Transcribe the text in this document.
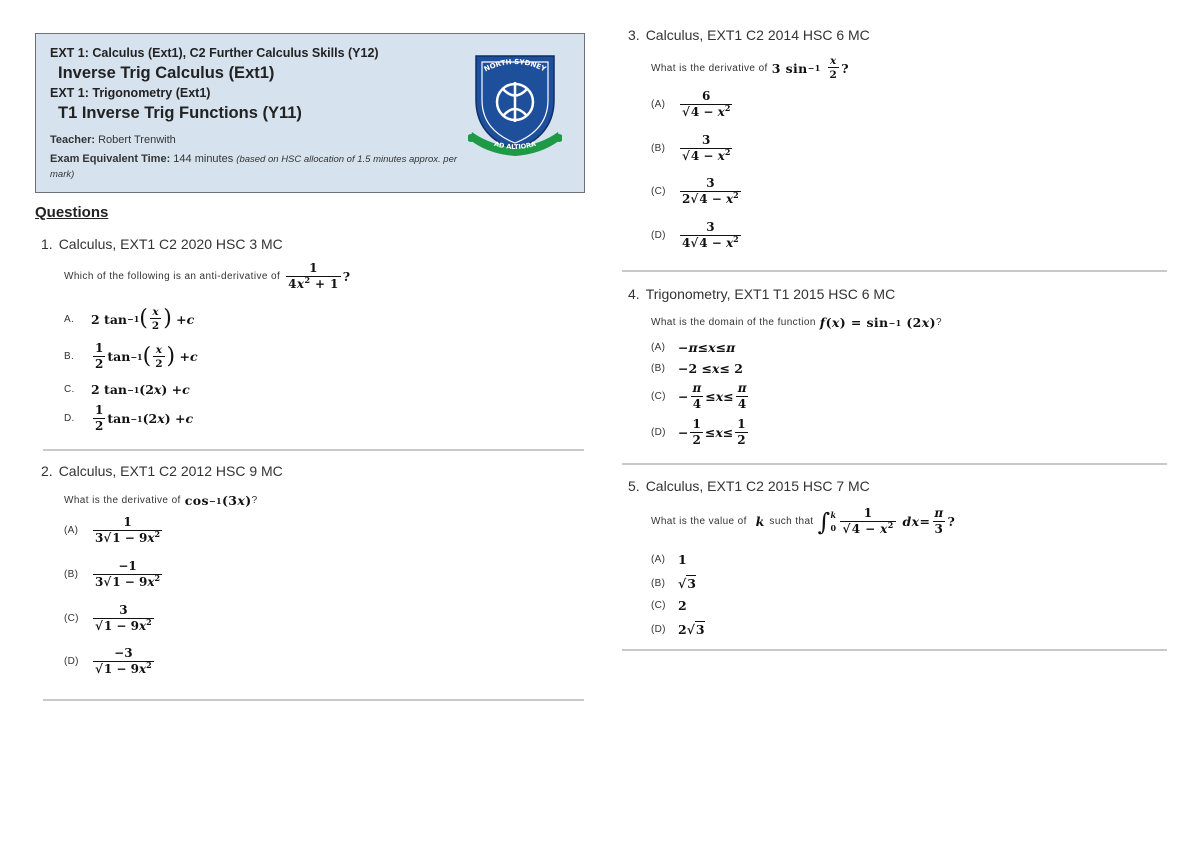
EXT 1: Calculus (Ext1), C2 Further Calculus Skills (Y12)
Inverse Trig Calculus (Ext1)
EXT 1: Trigonometry (Ext1)
T1 Inverse Trig Functions (Y11)
Teacher: Robert Trenwith
Exam Equivalent Time: 144 minutes (based on HSC allocation of 1.5 minutes approx. per mark)
NORTH SYDNEY
AD ALTIORA
Questions
1. Calculus, EXT1 C2 2020 HSC 3 MC
Which of the following is an anti-derivative of $\frac{1}{4x^2 + 1}$ ?
A.	2 tan −1 ( $\frac{x}{2}$ ) + c
B.	$\frac{1}{2}$ tan −1 ( $\frac{x}{2}$ ) + c
C.	2 tan −1 (2 x ) + c
D.	$\frac{1}{2}$ tan −1 (2 x ) + c
2. Calculus, EXT1 C2 2012 HSC 9 MC
What is the derivative of cos −1 (3 x ) ?
(A)	$\frac{1}{3√1 - 9x^2}$
(B)	$\frac{-1}{3√1 - 9x^2}$
(C)	$\frac{3}{√1 - 9x^2}$
(D)	$\frac{-3}{√1 - 9x^2}$
3. Calculus, EXT1 C2 2014 HSC 6 MC
What is the derivative of 3 sin −1
$\frac{x}{2}$ ?
(A)	$\frac{6}{√4 - x^2}$
(B)	$\frac{3}{√4 - x^2}$
(C)	$\frac{3}{2√4 - x^2}$
(D)	$\frac{3}{4√4 - x^2}$
4. Trigonometry, EXT1 T1 2015 HSC 6 MC
What is the domain of the function f ( x ) = sin −1 (2 x ) ?
(A)	− π ≤ x ≤ π
(B)	−2 ≤ x ≤ 2
$(C) - \frac{\pi}{4} \le x \le \frac{\pi}{4}$
$(D) - \frac{1}{2} \le x \le \frac{1}{2}$
5. Calculus, EXT1 C2 2015 HSC 7 MC
What is the value of
k
such that ∫ k
$0 \frac{1}{√4 - x^2}$
dx = $\frac{\pi}{3}$ ?
(A)	1
(B)	√ 3
(C) 2
(D) 2√ 3
